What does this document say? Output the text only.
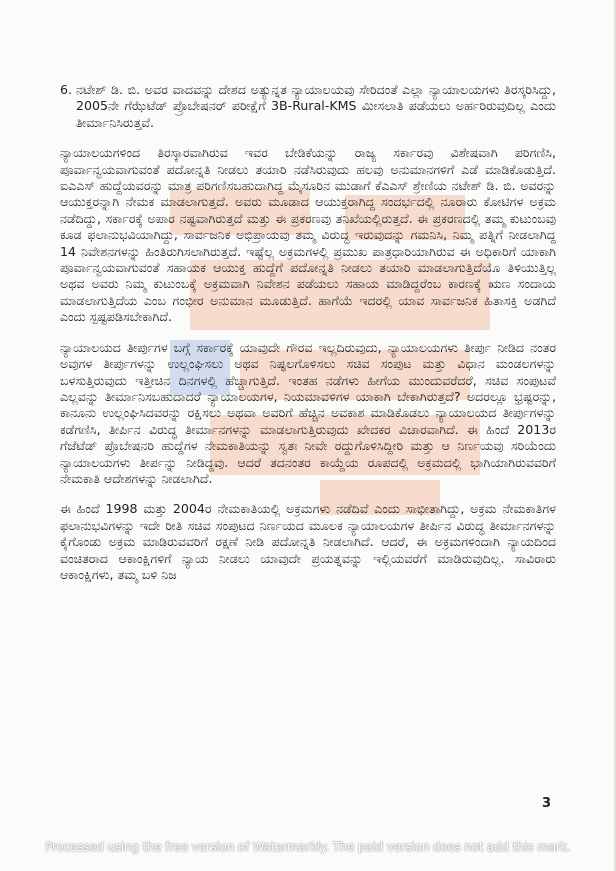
6. ನಟೇಶ್ ಡಿ. ಬಿ. ಅವರ ವಾದವನ್ನು ದೇಶದ ಅತ್ಯುನ್ನತ ನ್ಯಾಯಾಲಯವು ಸೇರಿದಂತೆ ಎಲ್ಲಾ ನ್ಯಾಯಾಲಯಗಳು ತಿರಸ್ಕರಿಸಿದ್ದು, 2005ನೇ ಗೆಝೆಟೆಡ್ ಪ್ರೊಬೇಷನರ್ ಪರೀಕ್ಷೆಗೆ 3B-Rural-KMS ಮೀಸಲಾತಿ ಪಡೆಯಲು ಅರ್ಹರಿರುವುದಿಲ್ಲ ಎಂದು ತೀರ್ಮಾನಿಸಿರುತ್ತವೆ.
ನ್ಯಾಯಾಲಯಗಳಿಂದ ತಿರಸ್ಕಾರವಾಗಿರುವ ಇವರ ಬೇಡಿಕೆಯನ್ನು ರಾಜ್ಯ ಸರ್ಕಾರವು ವಿಶೇಷವಾಗಿ ಪರಿಗಣಿಸಿ, ಪೂರ್ವಾನ್ವಯವಾಗುವಂತೆ ಪದೋನ್ನತಿ ನೀಡಲು ತಯಾರಿ ನಡೆಸಿರುವುದು ಹಲವು ಅನುಮಾನಗಳಿಗೆ ಎಡೆ ಮಾಡಿಕೊಡುತ್ತಿದೆ. ಐಎಎಸ್ ಹುದ್ದೆಯವರನ್ನು ಮಾತ್ರ ಪರಿಗಣಿಸಬಹುದಾಗಿದ್ದ ಮೈಸೂರಿನ ಮುಡಾಗೆ ಕೆಎಎಸ್ ಶ್ರೇಣಿಯ ನಟೇಶ್ ಡಿ. ಬಿ. ಅವರನ್ನು ಆಯುಕ್ತರನ್ನಾಗಿ ನೇಮಕ ಮಾಡಲಾಗುತ್ತದೆ. ಅವರು ಮೂಡಾದ ಆಯುಕ್ತರಾಗಿದ್ದ ಸಂದರ್ಭದಲ್ಲಿ ನೂರಾರು ಕೋಟಿಗಳ ಅಕ್ರಮ ನಡೆದಿದ್ದು, ಸರ್ಕಾರಕ್ಕೆ ಅಪಾರ ನಷ್ಟವಾಗಿರುತ್ತದೆ ಮತ್ತು ಈ ಪ್ರಕರಣವು ತನಿಖೆಯಲ್ಲಿರುತ್ತದೆ. ಈ ಪ್ರಕರಣದಲ್ಲಿ ತಮ್ಮ ಕುಟುಂಬವು ಕೂಡ ಫಲಾನುಭವಿಯಾಗಿದ್ದು, ಸಾರ್ವಜನಿಕ ಅಭಿಪ್ರಾಯವು ತಮ್ಮ ವಿರುದ್ಧ ಇರುವುದನ್ನು ಗಮನಿಸಿ, ನಿಮ್ಮ ಪತ್ನಿಗೆ ನೀಡಲಾಗಿದ್ದ 14 ನಿವೇಶನಗಳನ್ನು ಹಿಂತಿರುಗಿಸಲಾಗಿರುತ್ತದೆ. ಇಷ್ಟೆಲ್ಲ ಅಕ್ರಮಗಳಲ್ಲಿ ಪ್ರಮುಖ ಪಾತ್ರಧಾರಿಯಾಗಿರುವ ಈ ಅಧಿಕಾರಿಗೆ ಯಾಕಾಗಿ ಪೂರ್ವಾನ್ವಯವಾಗುವಂತೆ ಸಹಾಯಕ ಆಯುಕ್ತ ಹುದ್ದೆಗೆ ಪದೋನ್ನತಿ ನೀಡಲು ತಯಾರಿ ಮಾಡಲಾಗುತ್ತಿದೆಯೊ ತಿಳಿಯುತ್ತಿಲ್ಲ ಅಥವ ಅವರು ನಿಮ್ಮ ಕುಟುಂಬಕ್ಕೆ ಅಕ್ರಮವಾಗಿ ನಿವೇಶನ ಪಡೆಯಲು ಸಹಾಯ ಮಾಡಿದ್ದರೆಂಬ ಕಾರಣಕ್ಕೆ ಋಣ ಸಂದಾಯ ಮಾಡಲಾಗುತ್ತಿದೆಯ ಎಂಬ ಗಂಭೀರ ಅನುಮಾನ ಮೂಡುತ್ತಿದೆ. ಹಾಗೆಯೆ ಇದರಲ್ಲಿ ಯಾವ ಸಾರ್ವಜನಿಕ ಹಿತಾಸಕ್ತಿ ಅಡಗಿದೆ ಎಂದು ಸ್ಪಷ್ಟಪಡಿಸಬೇಕಾಗಿದೆ.
ನ್ಯಾಯಾಲಯದ ತೀರ್ಪುಗಳ ಬಗ್ಗೆ ಸರ್ಕಾರಕ್ಕೆ ಯಾವುದೇ ಗೌರವ ಇಲ್ಲದಿರುವುದು, ನ್ಯಾಯಾಲಯಗಳು ತೀರ್ಪು ನೀಡಿದ ನಂತರ ಅವುಗಳ ತೀರ್ಪುಗಳನ್ನು ಉಲ್ಲಂಘಿಸಲು ಅಥವ ನಿಷ್ಫಲಗೊಳಿಸಲು ಸಚಿವ ಸಂಪುಟ ಮತ್ತು ವಿಧಾನ ಮಂಡಲಗಳನ್ನು ಬಳಸುತ್ತಿರುವುದು ಇತ್ತೀಚಿನ ದಿನಗಳಲ್ಲಿ ಹೆಚ್ಚಾಗುತ್ತಿದೆ. ಇಂತಹ ನಡೆಗಳು ಹೀಗೆಯ ಮುಂದುವರೆದರೆ, ಸಚಿವ ಸಂಪುಟವೆ ಎಲ್ಲವನ್ನು ತೀರ್ಮಾನಿಸಬಹುದಾದರೆ ನ್ಯಾಯಾಲಯಗಳ, ನಿಯಮಾವಳಿಗಳ ಯಾಕಾಗಿ ಬೇಕಾಗಿರುತ್ತದೆ? ಅದರಲ್ಲೂ ಭ್ರಷ್ಟರನ್ನು, ಕಾನೂನು ಉಲ್ಲಂಘಿಸಿದವರನ್ನು ರಕ್ಷಿಸಲು ಅಥವಾ ಅವರಿಗೆ ಹೆಚ್ಚಿನ ಅವಕಾಶ ಮಾಡಿಕೊಡಲು ನ್ಯಾಯಾಲಯದ ತೀರ್ಪುಗಳನ್ನು ಕಡೆಗಣಿಸಿ, ತೀರ್ಪಿನ ವಿರುದ್ಧ ತೀರ್ಮಾನಗಳನ್ನು ಮಾಡಲಾಗುತ್ತಿರುವುದು ಖೇದಕರ ವಿಚಾರವಾಗಿದೆ. ಈ ಹಿಂದೆ 2013ರ ಗೆಜೆಟೆಡ್ ಪ್ರೊಬೇಷನರಿ ಹುದ್ದೆಗಳ ನೇಮಕಾತಿಯನ್ನು ಸ್ವತಃ ನೀವೇ ರದ್ದುಗೊಳಿಸಿದ್ದೀರಿ ಮತ್ತು ಆ ನಿರ್ಣಯವು ಸರಿಯೆಂದು ನ್ಯಾಯಾಲಯಗಳು ತೀರ್ಪನ್ನು ನೀಡಿದ್ದವು. ಆದರೆ ತದನಂತರ ಕಾಯ್ದೆಯ ರೂಪದಲ್ಲಿ ಅಕ್ರಮದಲ್ಲಿ ಭಾಗಿಯಾಗಿರುವವರಿಗೆ ನೇಮಕಾತಿ ಆದೇಶಗಳನ್ನು ನೀಡಲಾಗಿದೆ.
ಈ ಹಿಂದೆ 1998 ಮತ್ತು 2004ರ ನೇಮಕಾತಿಯಲ್ಲಿ ಅಕ್ರಮಗಳು ನಡೆದಿವೆ ಎಂದು ಸಾಭೀತಾಗಿದ್ದು, ಅಕ್ರಮ ನೇಮಕಾತಿಗಳ ಫಲಾನುಭವಿಗಳನ್ನು ಇದೇ ರೀತಿ ಸಚಿವ ಸಂಪುಟದ ನಿರ್ಣಯದ ಮೂಲಕ ನ್ಯಾಯಾಲಯಗಳ ತೀರ್ಪಿನ ವಿರುದ್ಧ ತೀರ್ಮಾನಗಳನ್ನು ಕೈಗೊಂಡು ಅಕ್ರಮ ಮಾಡಿರುವವರಿಗೆ ರಕ್ಷಣೆ ನೀಡಿ ಪದೋನ್ನತಿ ನೀಡಲಾಗಿದೆ. ಆದರೆ, ಈ ಅಕ್ರಮಗಳಿಂದಾಗಿ ನ್ಯಾಯದಿಂದ ವಂಚಿತರಾದ ಆಕಾಂಕ್ಷಿಗಳಿಗೆ ನ್ಯಾಯ ನೀಡಲು ಯಾವುದೇ ಪ್ರಯತ್ನವನ್ನು ಇಲ್ಲಿಯವರೆಗೆ ಮಾಡಿರುವುದಿಲ್ಲ. ಸಾವಿರಾರು ಆಕಾಂಕ್ಷಿಗಳು, ತಮ್ಮ ಬಳಿ ನಿಜ
3
Processed using the free version of Watermarkly. The paid version does not add this mark.
